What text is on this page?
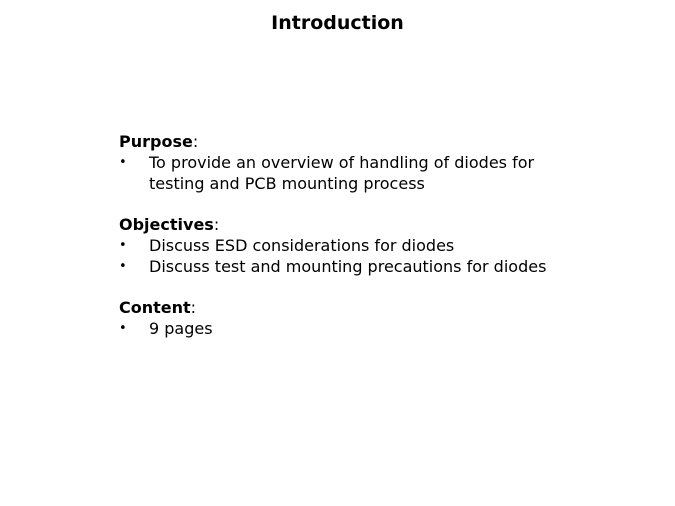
Introduction

Purpose:

• To provide an overview of handling of diodes for testing and PCB mounting process

Objectives:

• Discuss ESD considerations for diodes
• Discuss test and mounting precautions for diodes

Content:

• 9 pages
